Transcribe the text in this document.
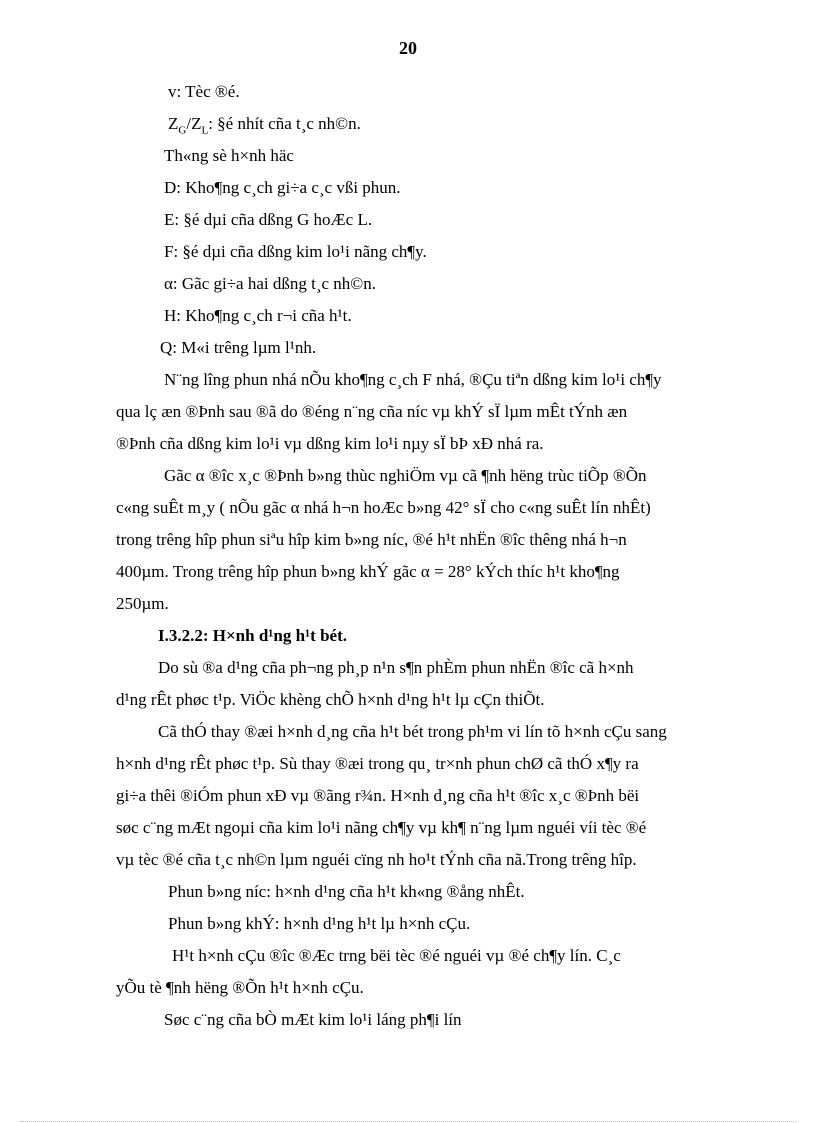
20
v: Tèc ®é.
$Z_G/Z_L$: §é nhít cña t¸c nh©n.
Th«ng sè h×nh häc
D: Kho¶ng c¸ch gi÷a c¸c vßi phun.
E: §é dµi cña dßng G hoÆc L.
F: §é dµi cña dßng kim lo¹i nãng ch¶y.
α: Gãc gi÷a hai dßng t¸c nh©n.
H: Kho¶ng c¸ch r¬i cña h¹t.
Q: M«i trêng lµm l¹nh.
N¨ng lîng phun nhá nÕu kho¶ng c¸ch F nhá, ®Çu tiªn dßng kim lo¹i ch¶y
qua lç æn ®Þnh sau ®ã do ®éng n¨ng cña níc vµ khÝ sÏ lµm mÊt tÝnh æn
®Þnh cña dßng kim lo¹i vµ dßng kim lo¹i nµy sÏ bÞ xÐ nhá ra.
Gãc α ®îc x¸c ®Þnh b»ng thùc nghiÖm vµ cã ¶nh hëng trùc tiÕp ®Õn
c«ng suÊt m¸y ( nÕu gãc α nhá h¬n hoÆc b»ng 42° sÏ cho c«ng suÊt lín nhÊt)
trong trêng hîp phun siªu hîp kim b»ng níc, ®é h¹t nhËn ®îc thêng nhá h¬n
400µm. Trong trêng hîp phun b»ng khÝ gãc α = 28° kÝch thíc h¹t kho¶ng
250µm.
I.3.2.2: H×nh d¹ng h¹t bét.
Do sù ®a d¹ng cña ph¬ng ph¸p n¹n s¶n phÈm phun nhËn ®îc cã h×nh
d¹ng rÊt phøc t¹p. ViÖc khèng chÕ h×nh d¹ng h¹t lµ cÇn thiÕt.
Cã thÓ thay ®æi h×nh d¸ng cña h¹t bét trong ph¹m vi lín tõ h×nh cÇu sang
h×nh d¹ng rÊt phøc t¹p. Sù thay ®æi trong qu¸ tr×nh phun chØ cã thÓ x¶y ra
gi÷a thêi ®iÓm phun xÐ vµ ®ãng r¾n. H×nh d¸ng cña h¹t ®îc x¸c ®Þnh bëi
søc c¨ng mÆt ngoµi cña kim lo¹i nãng ch¶y vµ kh¶ n¨ng lµm nguéi víi tèc ®é
vµ tèc ®é cña t¸c nh©n lµm nguéi cïng nh ho¹t tÝnh cña nã.Trong trêng hîp.
Phun b»ng níc: h×nh d¹ng cña h¹t kh«ng ®ång nhÊt.
Phun b»ng khÝ: h×nh d¹ng h¹t lµ h×nh cÇu.
H¹t h×nh cÇu ®îc ®Æc trng bëi tèc ®é nguéi vµ ®é ch¶y lín. C¸c
yÕu tè ¶nh hëng ®Õn h¹t h×nh cÇu.
Søc c¨ng cña bÒ mÆt kim lo¹i láng ph¶i lín
